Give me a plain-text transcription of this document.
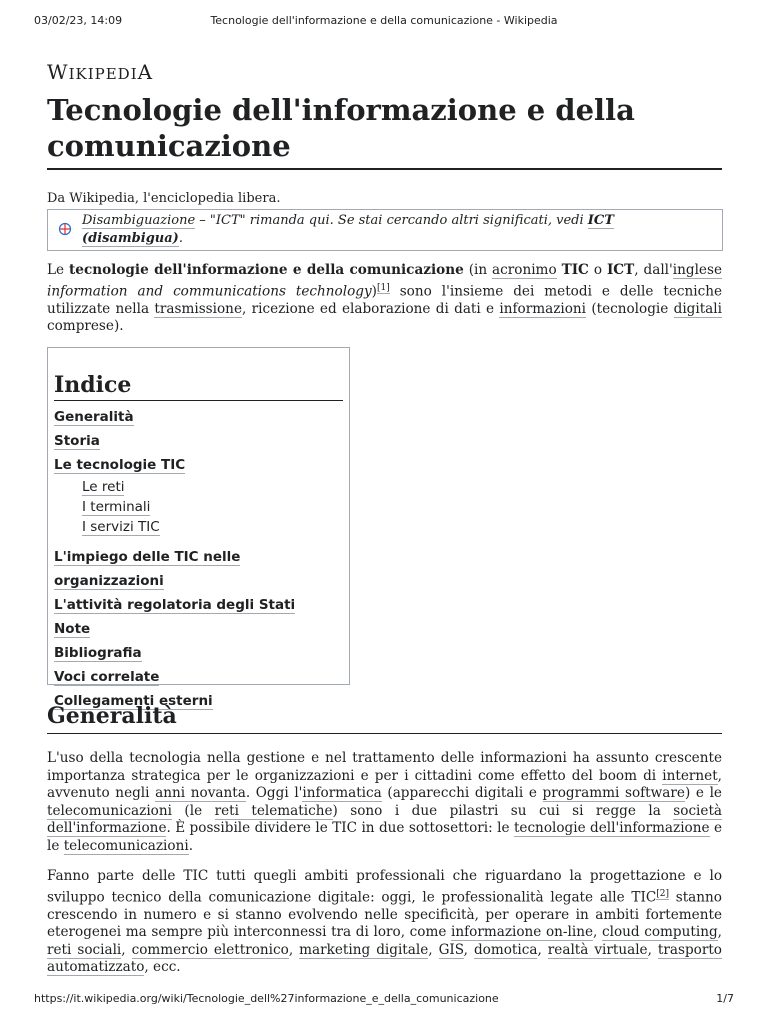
03/02/23, 14:09	Tecnologie dell'informazione e della comunicazione - Wikipedia
WIKIPEDIA
Tecnologie dell'informazione e della comunicazione
Da Wikipedia, l'enciclopedia libera.
Disambiguazione – "ICT" rimanda qui. Se stai cercando altri significati, vedi ICT (disambigua).
Le tecnologie dell'informazione e della comunicazione (in acronimo TIC o ICT, dall'inglese information and communications technology)[1] sono l'insieme dei metodi e delle tecniche utilizzate nella trasmissione, ricezione ed elaborazione di dati e informazioni (tecnologie digitali comprese).
Indice
Generalità
Storia
Le tecnologie TIC
Le reti
I terminali
I servizi TIC
L'impiego delle TIC nelle organizzazioni
L'attività regolatoria degli Stati
Note
Bibliografia
Voci correlate
Collegamenti esterni
Generalità
L'uso della tecnologia nella gestione e nel trattamento delle informazioni ha assunto crescente importanza strategica per le organizzazioni e per i cittadini come effetto del boom di internet, avvenuto negli anni novanta. Oggi l'informatica (apparecchi digitali e programmi software) e le telecomunicazioni (le reti telematiche) sono i due pilastri su cui si regge la società dell'informazione. È possibile dividere le TIC in due sottosettori: le tecnologie dell'informazione e le telecomunicazioni.
Fanno parte delle TIC tutti quegli ambiti professionali che riguardano la progettazione e lo sviluppo tecnico della comunicazione digitale: oggi, le professionalità legate alle TIC[2] stanno crescendo in numero e si stanno evolvendo nelle specificità, per operare in ambiti fortemente eterogenei ma sempre più interconnessi tra di loro, come informazione on-line, cloud computing, reti sociali, commercio elettronico, marketing digitale, GIS, domotica, realtà virtuale, trasporto automatizzato, ecc.
https://it.wikipedia.org/wiki/Tecnologie_dell%27informazione_e_della_comunicazione	1/7
